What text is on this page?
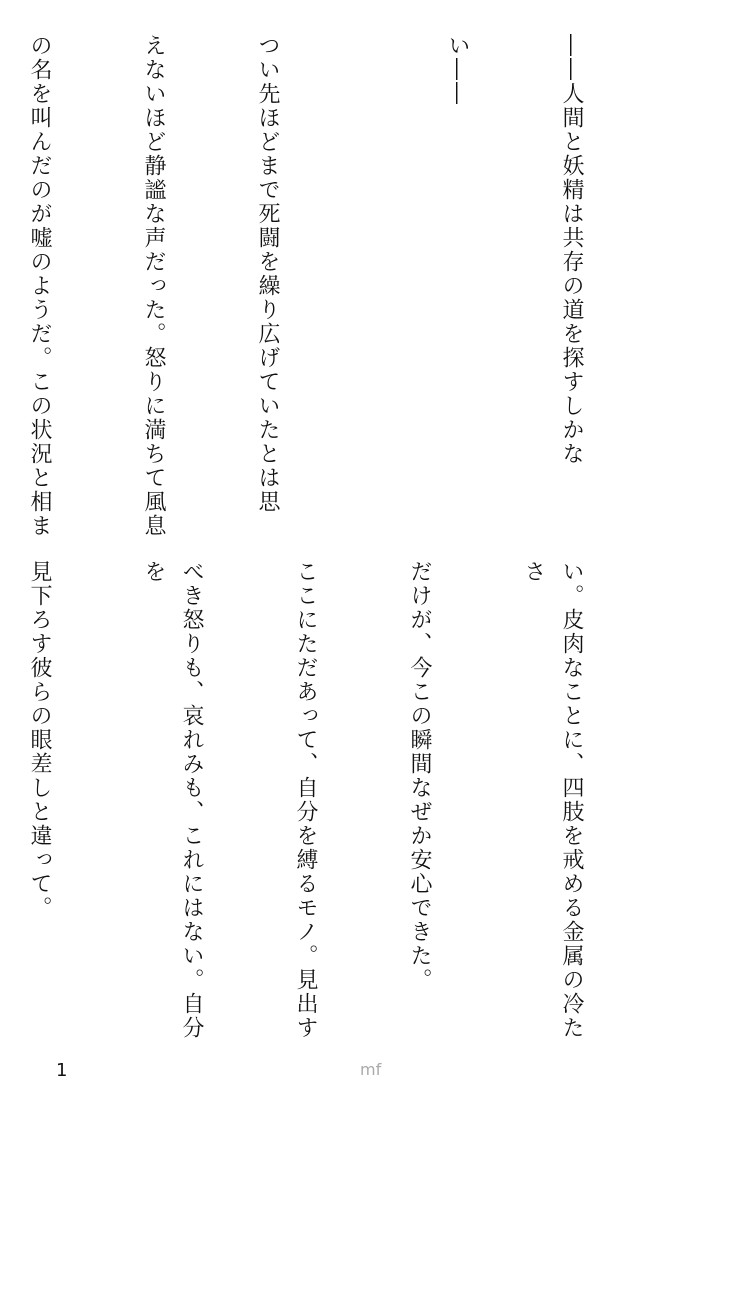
――人間と妖精は共存の道を探すしかな

い――

つい先ほどまで死闘を繰り広げていたとは思

えないほど静謐な声だった。怒りに満ちて風息

の名を叫んだのが嘘のようだ。この状況と相ま

い。皮肉なことに、四肢を戒める金属の冷たさ

だけが、今この瞬間なぜか安心できた。

ここにただあって、自分を縛るモノ。見出す

べき怒りも、哀れみも、これにはない。自分を

見下ろす彼らの眼差しと違って。

1	mf
